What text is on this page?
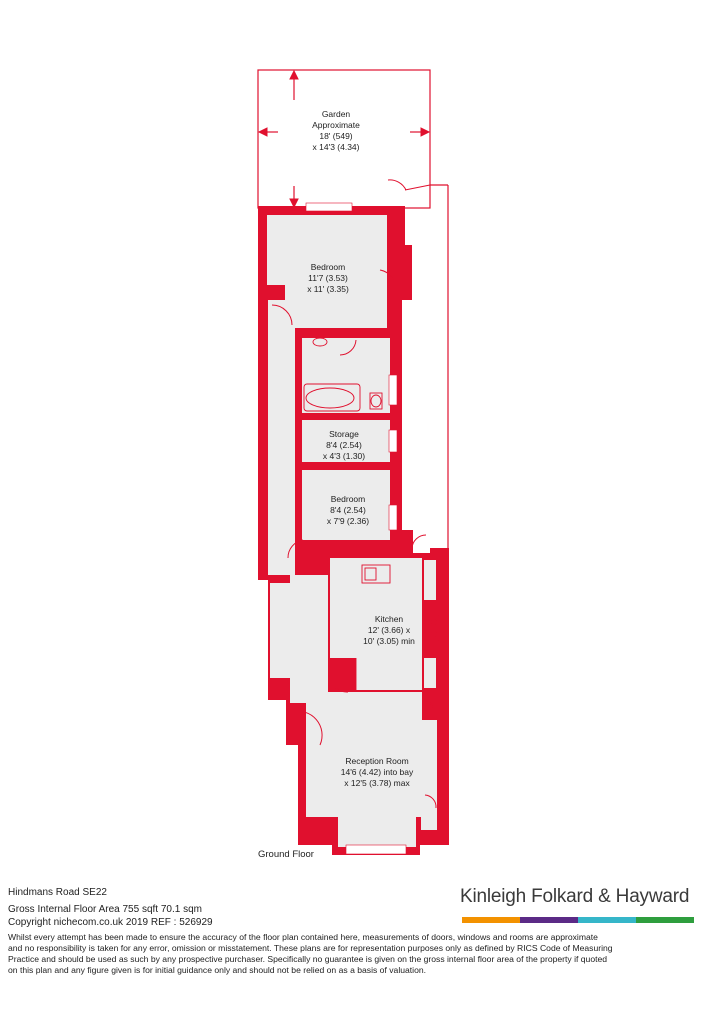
Garden
Approximate
18' (549)
x 14'3 (4.34)
Bedroom
11'7 (3.53)
x 11' (3.35)
Storage
8'4 (2.54)
x 4'3 (1.30)
Bedroom
8'4 (2.54)
x 7'9 (2.36)
Kitchen
12' (3.66) x
10' (3.05) min
Reception Room
14'6 (4.42) into bay
x 12'5 (3.78) max
Ground Floor
Hindmans Road SE22
Gross Internal Floor Area 755 sqft 70.1 sqm
Copyright nichecom.co.uk 2019 REF : 526929
Whilst every attempt has been made to ensure the accuracy of the floor plan contained here, measurements of doors, windows and rooms are approximate
and no responsibility is taken for any error, omission or misstatement. These plans are for representation purposes only as defined by RICS Code of Measuring
Practice and should be used as such by any prospective purchaser. Specifically no guarantee is given on the gross internal floor area of the property if quoted
on this plan and any figure given is for initial guidance only and should not be relied on as a basis of valuation.
Kinleigh Folkard & Hayward
